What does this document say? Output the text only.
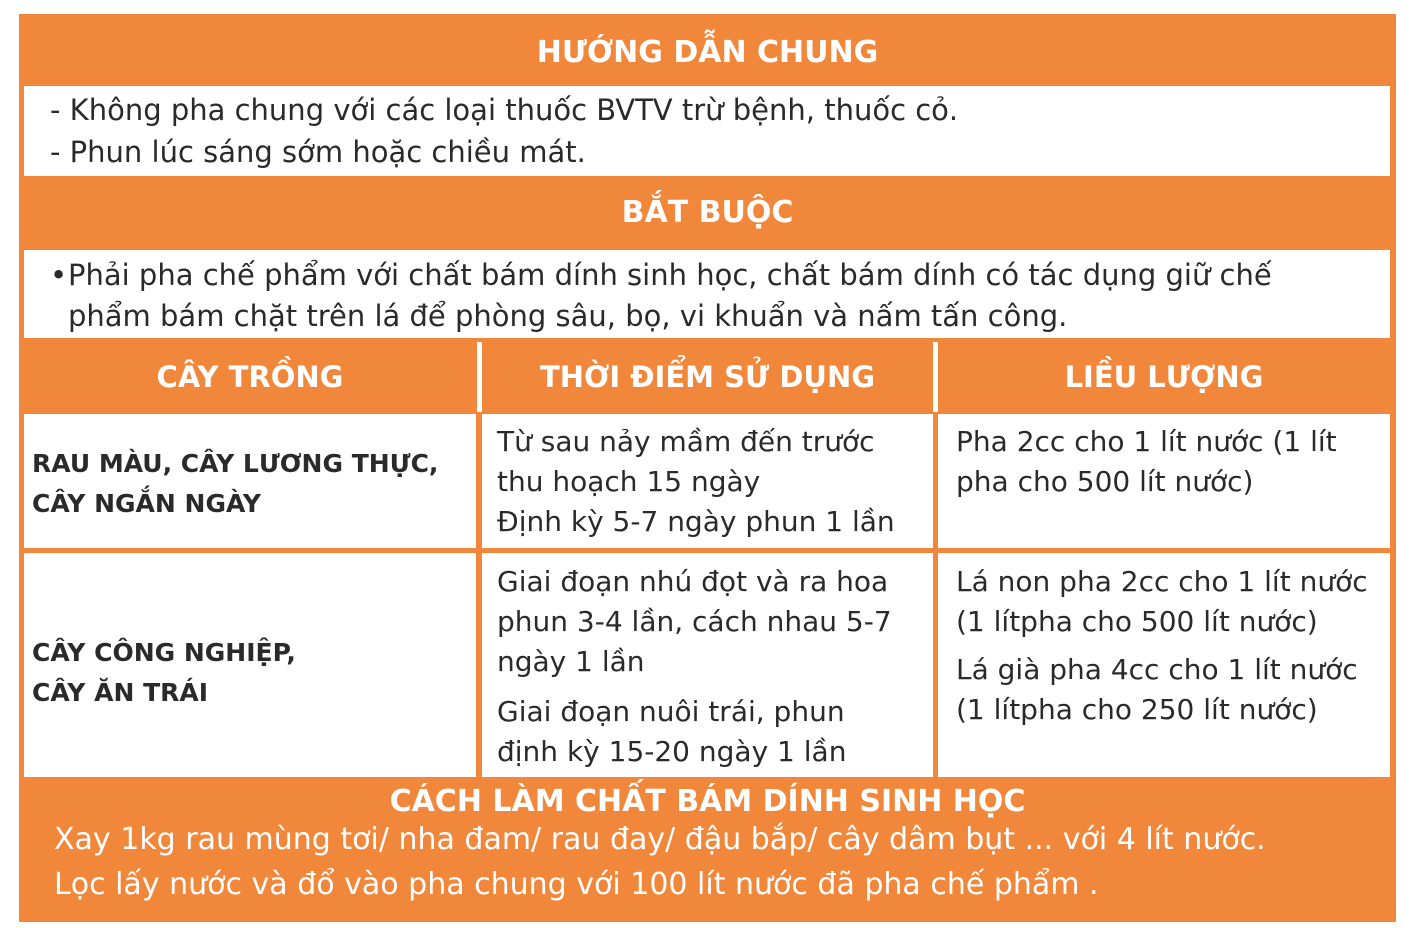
HƯỚNG DẪN CHUNG
- Không pha chung với các loại thuốc BVTV trừ bệnh, thuốc cỏ.
- Phun lúc sáng sớm hoặc chiều mát.
BẮT BUỘC
• Phải pha chế phẩm với chất bám dính sinh học, chất bám dính có tác dụng giữ chế
phẩm bám chặt trên lá để phòng sâu, bọ, vi khuẩn và nấm tấn công.
CÂY TRỒNG	THỜI ĐIỂM SỬ DỤNG	LIỀU LƯỢNG
RAU MÀU, CÂY LƯƠNG THỰC,
CÂY NGẮN NGÀY
Từ sau nảy mầm đến trước
thu hoạch 15 ngày
Định kỳ 5-7 ngày phun 1 lần
Pha 2cc cho 1 lít nước (1 lít
pha cho 500 lít nước)
CÂY CÔNG NGHIỆP,
CÂY ĂN TRÁI
Giai đoạn nhú đọt và ra hoa
phun 3-4 lần, cách nhau 5-7
ngày 1 lần
Giai đoạn nuôi trái, phun
định kỳ 15-20 ngày 1 lần
Lá non pha 2cc cho 1 lít nước
(1 lítpha cho 500 lít nước)
Lá già pha 4cc cho 1 lít nước
(1 lítpha cho 250 lít nước)
CÁCH LÀM CHẤT BÁM DÍNH SINH HỌC
Xay 1kg rau mùng tơi/ nha đam/ rau đay/ đậu bắp/ cây dâm bụt ... với 4 lít nước.
Lọc lấy nước và đổ vào pha chung với 100 lít nước đã pha chế phẩm .
